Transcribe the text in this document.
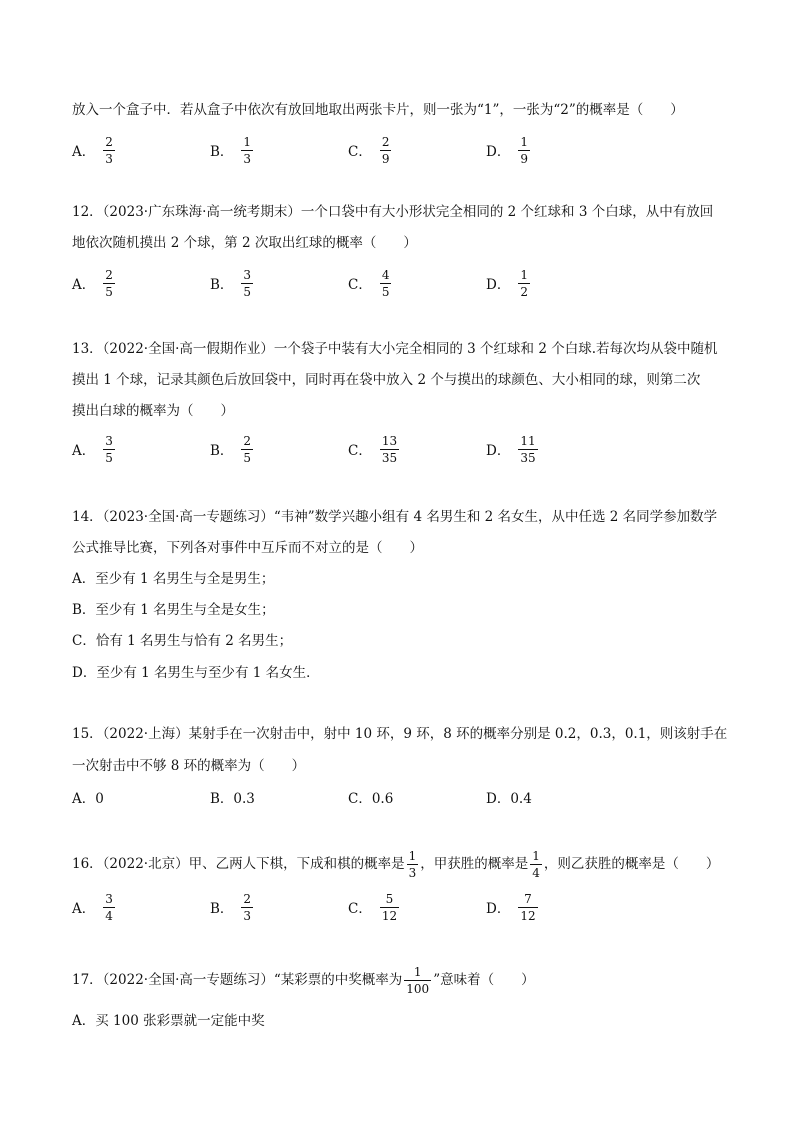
放入一个盒子中．若从盒子中依次有放回地取出两张卡片，则一张为“1”，一张为“2”的概率是（　　）
A． $\frac{2}{3}$	B． $\frac{1}{3}$	C． $\frac{2}{9}$	D． $\frac{1}{9}$
12．（2023·广东珠海·高一统考期末）一个口袋中有大小形状完全相同的 2 个红球和 3 个白球，从中有放回
地依次随机摸出 2 个球，第 2 次取出红球的概率（　　）
A． $\frac{2}{5}$	B． $\frac{3}{5}$	C． $\frac{4}{5}$	D． $\frac{1}{2}$
13．（2022·全国·高一假期作业）一个袋子中装有大小完全相同的 3 个红球和 2 个白球.若每次均从袋中随机
摸出 1 个球，记录其颜色后放回袋中，同时再在袋中放入 2 个与摸出的球颜色、大小相同的球，则第二次
摸出白球的概率为（　　）
A． $\frac{3}{5}$	B． $\frac{2}{5}$	C． $\frac{13}{35}$	D． $\frac{11}{35}$
14．（2023·全国·高一专题练习）“韦神”数学兴趣小组有 4 名男生和 2 名女生，从中任选 2 名同学参加数学
公式推导比赛，下列各对事件中互斥而不对立的是（　　）
A．至少有 1 名男生与全是男生；
B．至少有 1 名男生与全是女生；
C．恰有 1 名男生与恰有 2 名男生；
D．至少有 1 名男生与至少有 1 名女生．
15．（2022·上海）某射手在一次射击中，射中 10 环，9 环，8 环的概率分别是 0.2，0.3，0.1，则该射手在
一次射击中不够 8 环的概率为（　　）
A．0	B．0.3	C．0.6	D．0.4
16．（2022·北京）甲、乙两人下棋，下成和棋的概率是 $\frac{1}{3}$ ，甲获胜的概率是 $\frac{1}{4}$ ，则乙获胜的概率是（　　）
A． $\frac{3}{4}$	B． $\frac{2}{3}$	C． $\frac{5}{12}$	D． $\frac{7}{12}$
17．（2022·全国·高一专题练习）“某彩票的中奖概率为 $\frac{1}{100}$ ”意味着（　　）
A．买 100 张彩票就一定能中奖
